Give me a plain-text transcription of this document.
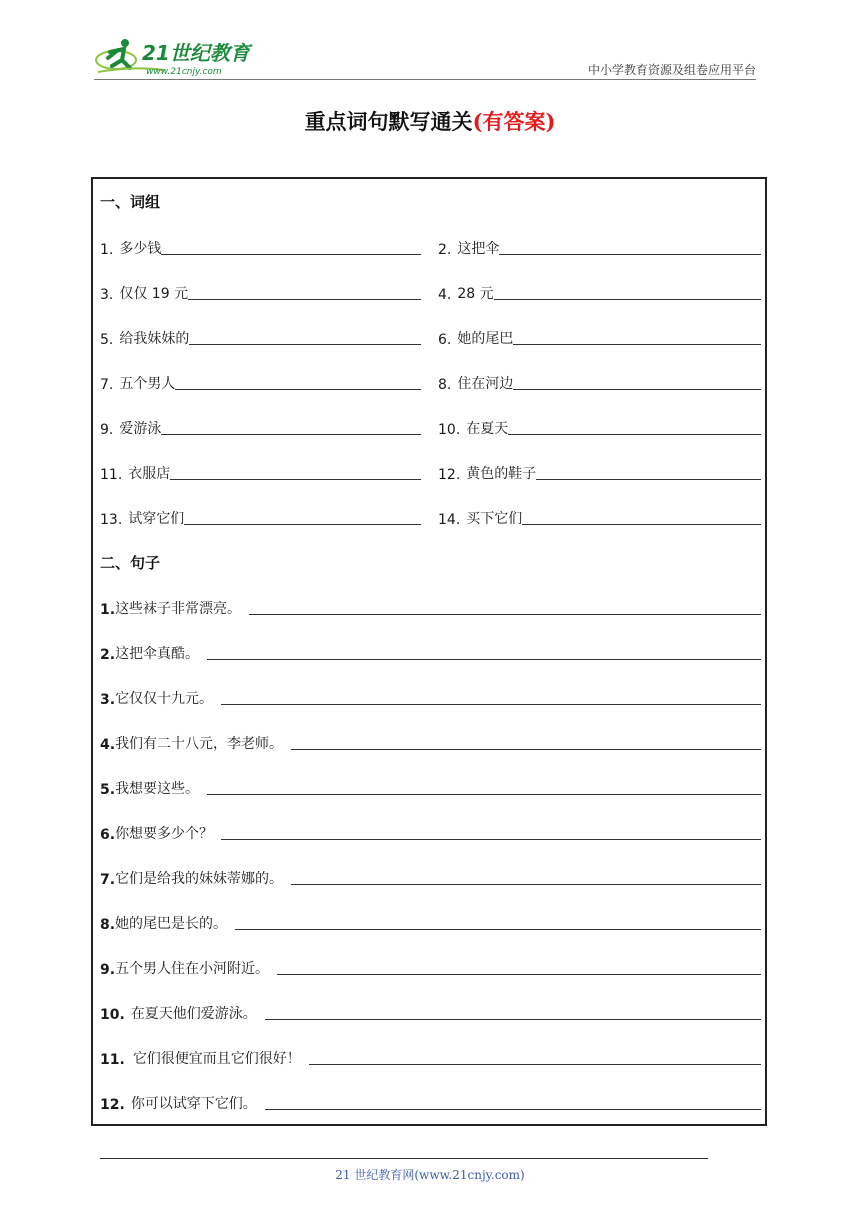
21世纪教育
www.21cnjy.com	中小学教育资源及组卷应用平台
重点词句默写通关(有答案)
一、词组
1. 多少钱	2. 这把伞
3. 仅仅 19 元	4. 28 元
5. 给我妹妹的	6. 她的尾巴
7. 五个男人	8. 住在河边
9. 爱游泳	10. 在夏天
11. 衣服店	12. 黄色的鞋子
13. 试穿它们	14. 买下它们
二、句子
1. 这些袜子非常漂亮。
2. 这把伞真酷。
3. 它仅仅十九元。
4. 我们有二十八元，李老师。
5. 我想要这些。
6. 你想要多少个？
7. 它们是给我的妹妹蒂娜的。
8. 她的尾巴是长的。
9. 五个男人住在小河附近。
10. 在夏天他们爱游泳。
11. 它们很便宜而且它们很好！
12. 你可以试穿下它们。
21 世纪教育网(www.21cnjy.com)
